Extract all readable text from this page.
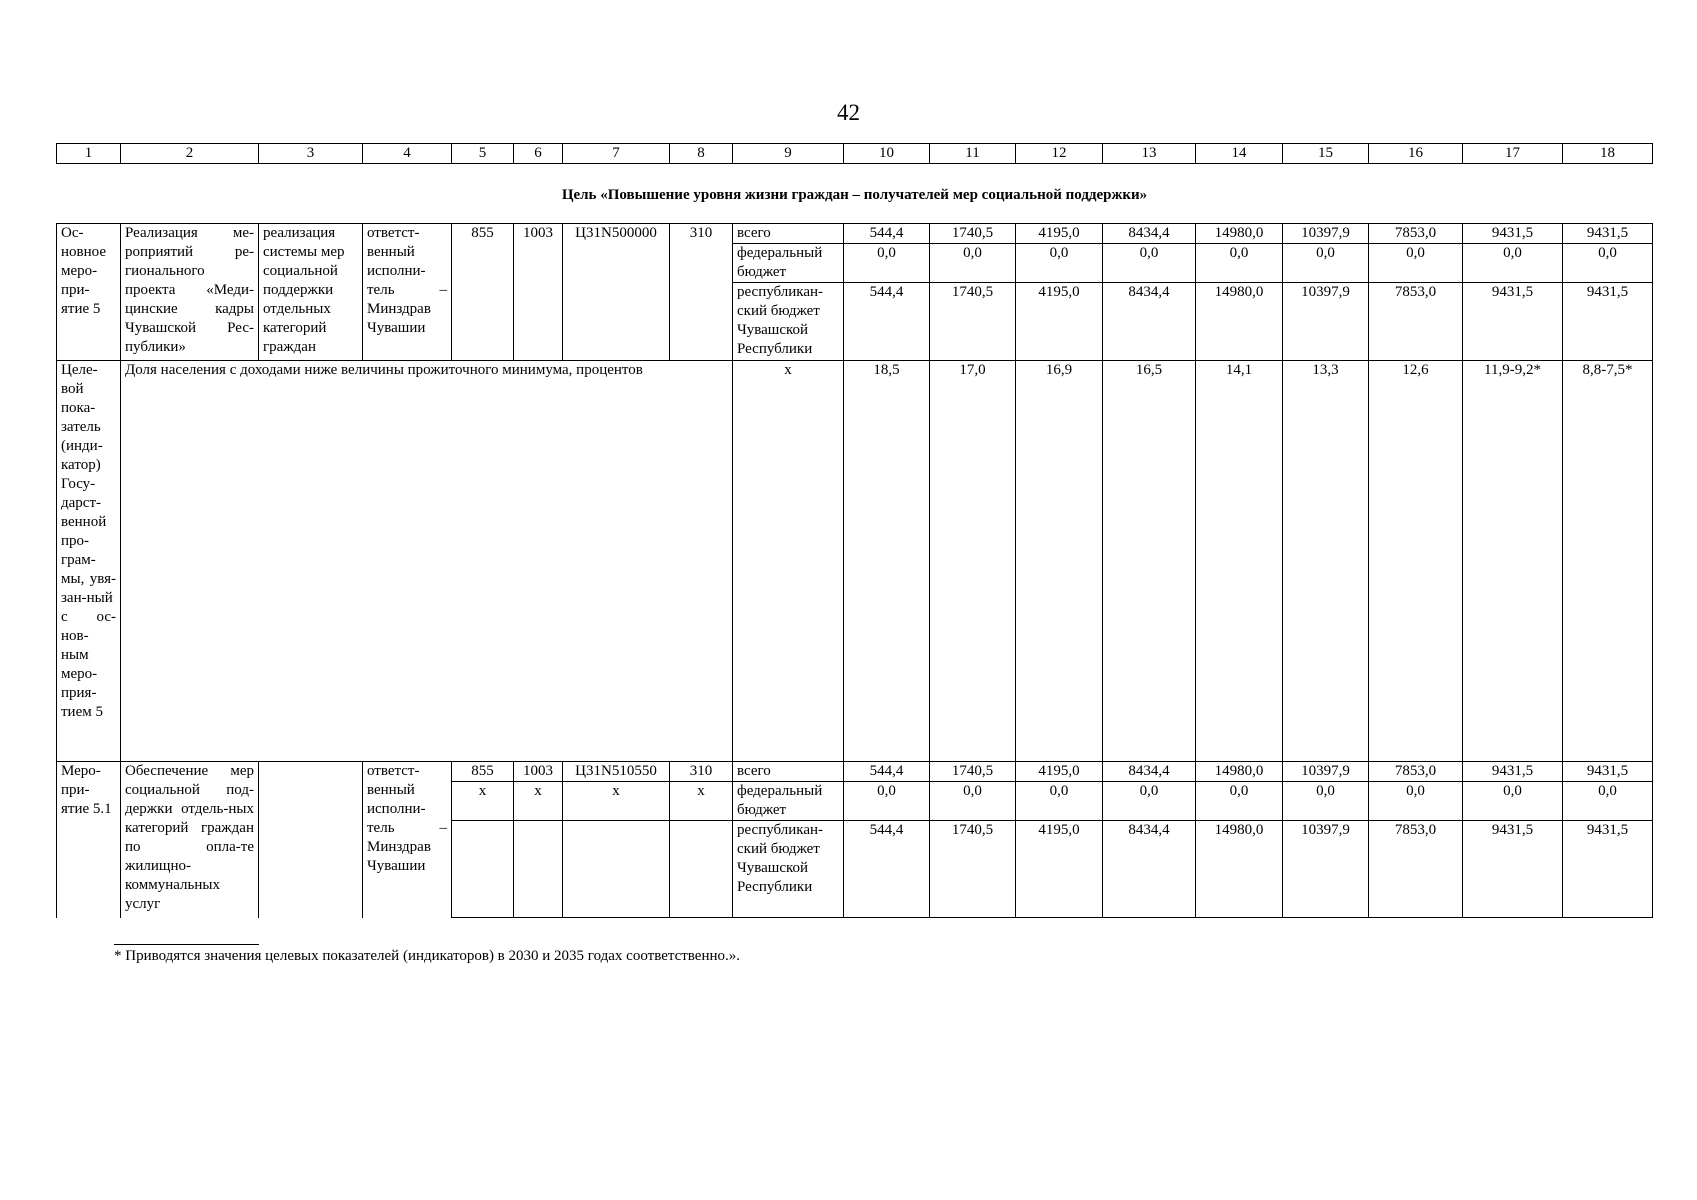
42
1	2	3	4	5	6	7	8	9	10	11	12	13	14	15	16	17	18
Цель «Повышение уровня жизни граждан – получателей мер социальной поддержки»																	
Ос-новное меро-при-ятие 5	Реализация ме-роприятий ре-гионального проекта «Меди-цинские кадры Чувашской Рес-публики»	реализация системы мер социальной поддержки отдельных категорий граждан	ответст-венный исполни-тель – Минздрав Чувашии	855	1003	Ц31N500000	310	всего	544,4	1740,5	4195,0	8434,4	14980,0	10397,9	7853,0	9431,5	9431,5
								федеральный бюджет	0,0	0,0	0,0	0,0	0,0	0,0	0,0	0,0	0,0
								республикан-ский бюджет Чувашской Республики	544,4	1740,5	4195,0	8434,4	14980,0	10397,9	7853,0	9431,5	9431,5
Целе-вой пока-затель (инди-катор) Госу-дарст-венной про-грам-мы, увя-зан-ный с ос-нов-ным меро-прия-тием 5	Доля населения с доходами ниже величины прожиточного минимума, процентов							х	18,5	17,0	16,9	16,5	14,1	13,3	12,6	11,9-9,2*	8,8-7,5*
Меро-при-ятие 5.1	Обеспечение мер социальной под-держки отдель-ных категорий граждан по опла-те жилищно-коммунальных услуг		ответст-венный исполни-тель – Минздрав Чувашии	855	1003	Ц31N510550	310	всего	544,4	1740,5	4195,0	8434,4	14980,0	10397,9	7853,0	9431,5	9431,5
				х	х	х	х	федеральный бюджет	0,0	0,0	0,0	0,0	0,0	0,0	0,0	0,0	0,0
								республикан-ский бюджет Чувашской Республики	544,4	1740,5	4195,0	8434,4	14980,0	10397,9	7853,0	9431,5	9431,5
* Приводятся значения целевых показателей (индикаторов) в 2030 и 2035 годах соответственно.».
